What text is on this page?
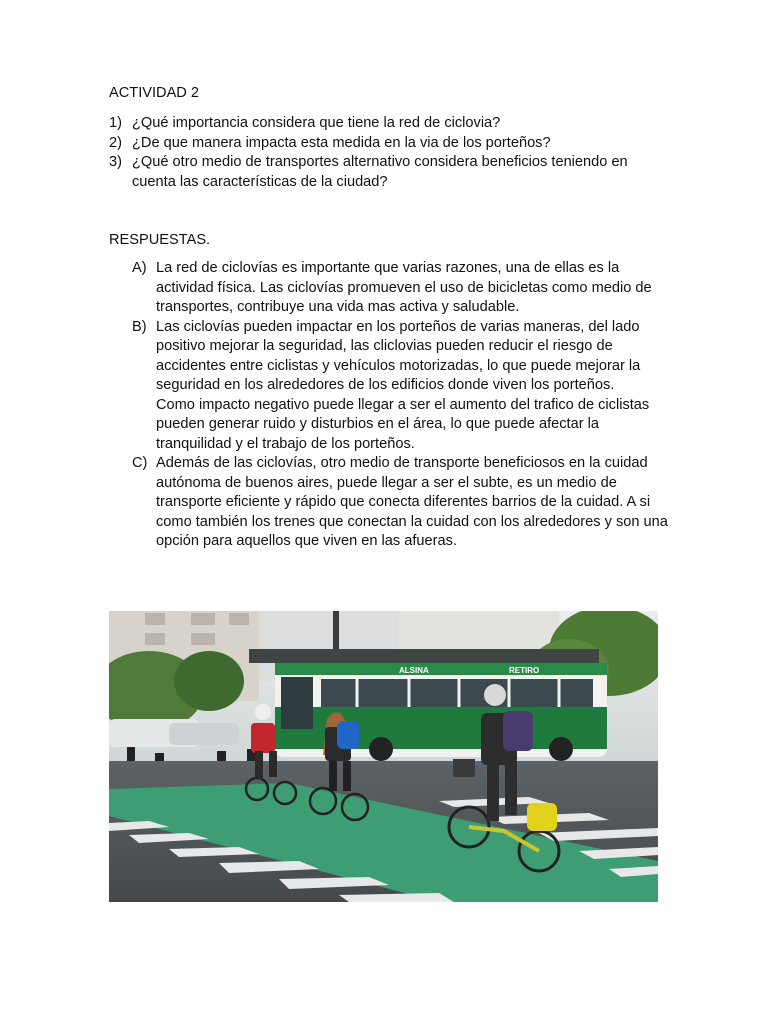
ACTIVIDAD 2
1) ¿Qué importancia considera que tiene la red de ciclovia?
2) ¿De que manera impacta esta medida en la via de los porteños?
3) ¿Qué otro medio de transportes alternativo considera beneficios teniendo en cuenta las características de la ciudad?
RESPUESTAS.
A) La red de ciclovías es importante que varias razones, una de ellas es la actividad física. Las ciclovías promueven el uso de bicicletas como medio de transportes, contribuye una vida mas activa y saludable.
B) Las ciclovías pueden impactar en los porteños de varias maneras, del lado positivo mejorar la seguridad, las cliclovias pueden reducir el riesgo de accidentes entre ciclistas y vehículos motorizadas, lo que puede mejorar la seguridad en los alrededores de los edificios donde viven los porteños.
Como impacto negativo puede llegar a ser el aumento del trafico de ciclistas pueden generar ruido y disturbios en el área, lo que puede afectar la tranquilidad y el trabajo de los porteños.
C) Además de las ciclovías, otro medio de transporte beneficiosos en la cuidad autónoma de buenos aires, puede llegar a ser el subte, es un medio de transporte eficiente y rápido que conecta diferentes barrios de la cuidad. A si como también los trenes que conectan la cuidad con los alrededores y son una opción para aquellos que viven en las afueras.
ALSINA	RETIRO
